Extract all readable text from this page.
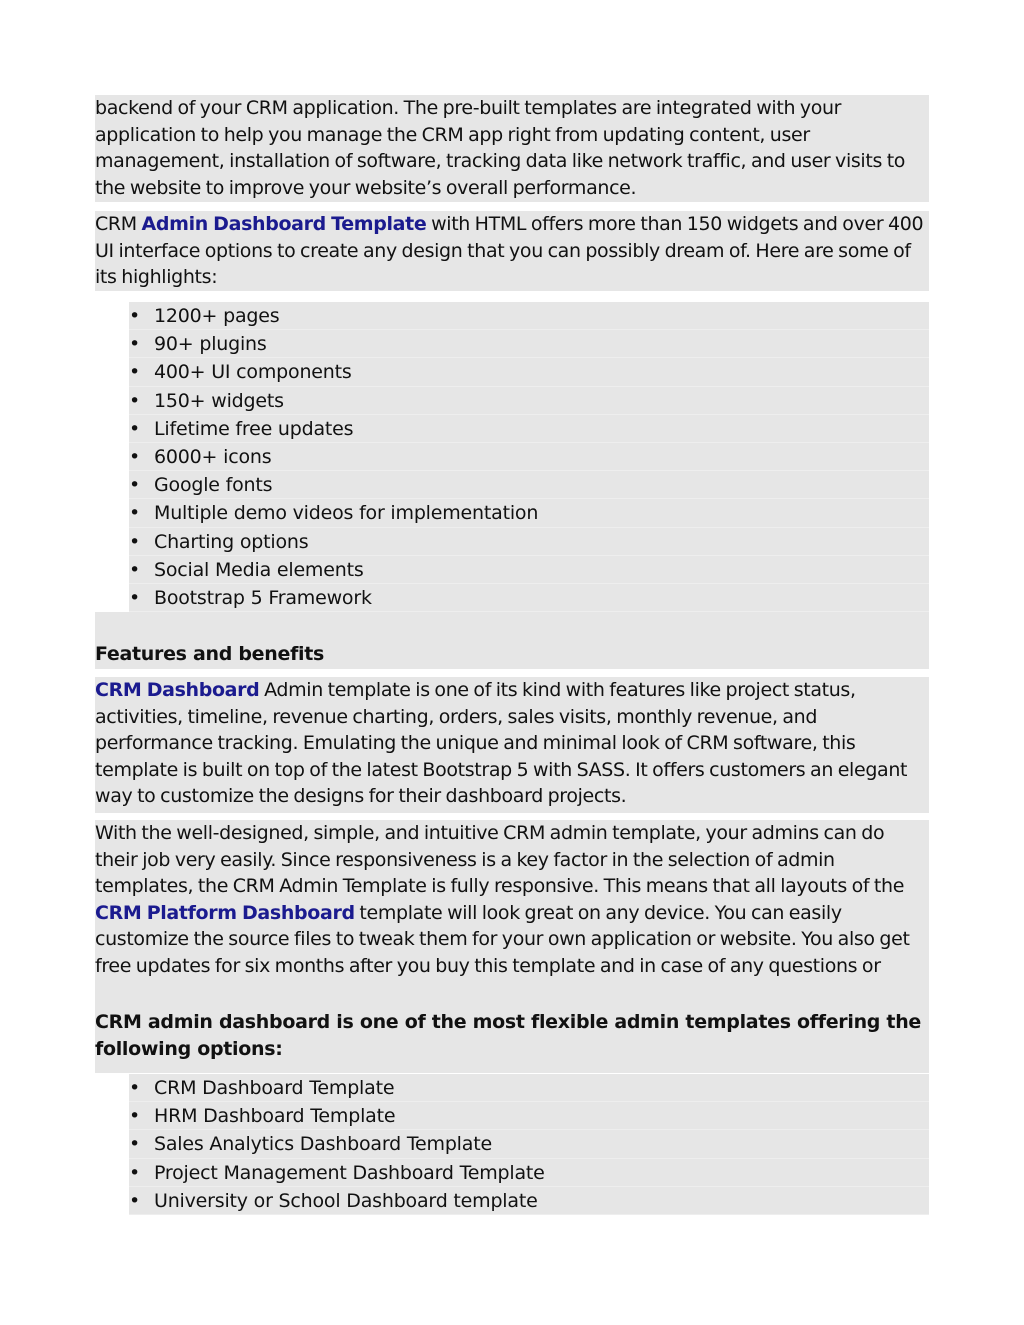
backend of your CRM application. The pre-built templates are integrated with your application to help you manage the CRM app right from updating content, user management, installation of software, tracking data like network traffic, and user visits to the website to improve your website’s overall performance.
CRM Admin Dashboard Template with HTML offers more than 150 widgets and over 400 UI interface options to create any design that you can possibly dream of. Here are some of its highlights:
• 1200+ pages
• 90+ plugins
• 400+ UI components
• 150+ widgets
• Lifetime free updates
• 6000+ icons
• Google fonts
• Multiple demo videos for implementation
• Charting options
• Social Media elements
• Bootstrap 5 Framework
Features and benefits
CRM Dashboard Admin template is one of its kind with features like project status, activities, timeline, revenue charting, orders, sales visits, monthly revenue, and performance tracking. Emulating the unique and minimal look of CRM software, this template is built on top of the latest Bootstrap 5 with SASS. It offers customers an elegant way to customize the designs for their dashboard projects.
With the well-designed, simple, and intuitive CRM admin template, your admins can do their job very easily. Since responsiveness is a key factor in the selection of admin templates, the CRM Admin Template is fully responsive. This means that all layouts of the CRM Platform Dashboard template will look great on any device. You can easily customize the source files to tweak them for your own application or website. You also get free updates for six months after you buy this template and in case of any questions or
CRM admin dashboard is one of the most flexible admin templates offering the following options:
• CRM Dashboard Template
• HRM Dashboard Template
• Sales Analytics Dashboard Template
• Project Management Dashboard Template
• University or School Dashboard template
